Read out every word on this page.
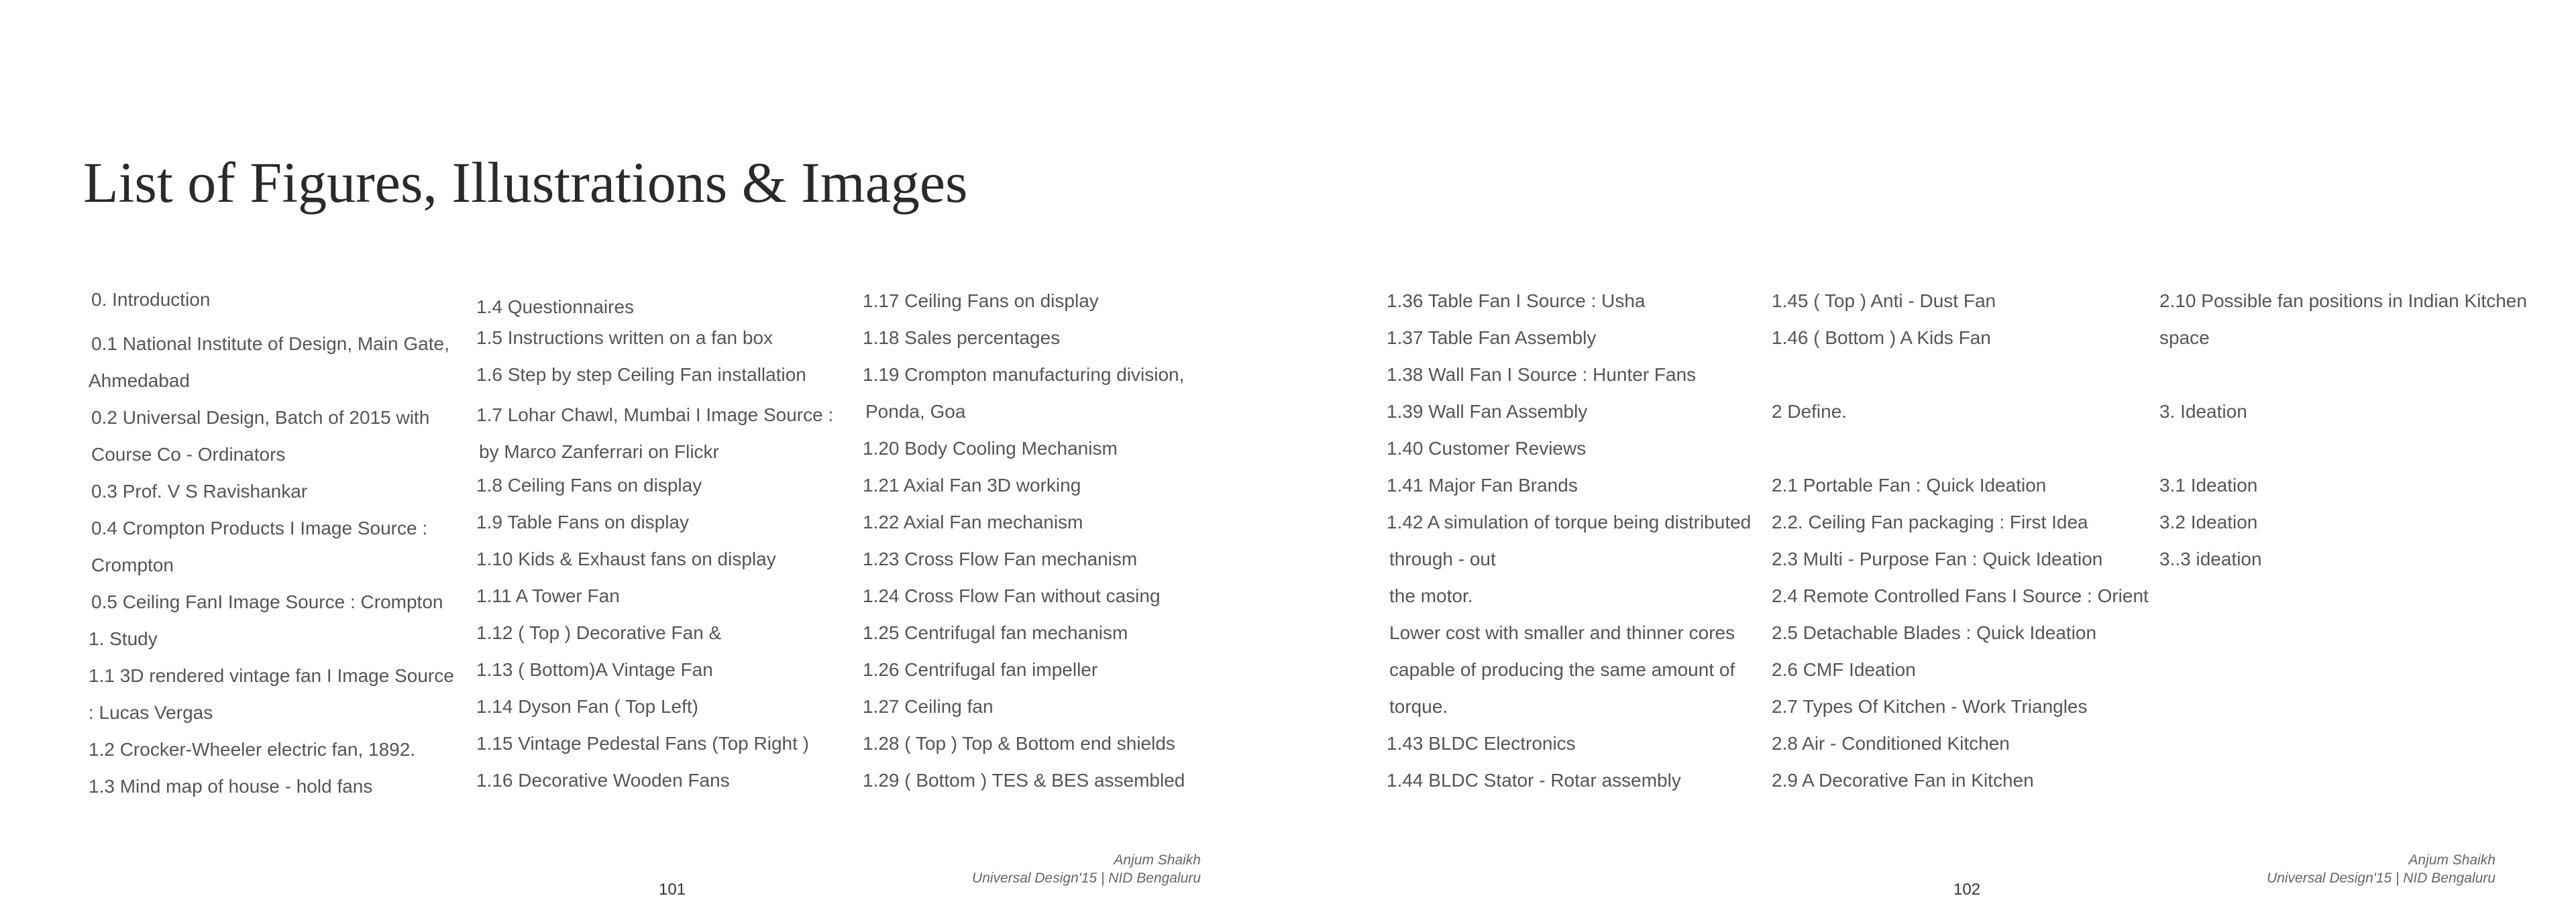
List of Figures, Illustrations & Images
0. Introduction
0.1 National Institute of Design, Main Gate,
Ahmedabad
0.2 Universal Design, Batch of 2015 with
Course Co - Ordinators
0.3 Prof. V S Ravishankar
0.4 Crompton Products I Image Source :
Crompton
0.5 Ceiling FanI Image Source : Crompton
1. Study
1.1 3D rendered vintage fan I Image Source
: Lucas Vergas
1.2 Crocker-Wheeler electric fan, 1892.
1.3 Mind map of house - hold fans
1.4 Questionnaires
1.5 Instructions written on a fan box
1.6 Step by step Ceiling Fan installation
1.7 Lohar Chawl, Mumbai I Image Source :
by Marco Zanferrari on Flickr
1.8 Ceiling Fans on display
1.9 Table Fans on display
1.10 Kids & Exhaust fans on display
1.11 A Tower Fan
1.12 ( Top ) Decorative Fan &
1.13 ( Bottom)A Vintage Fan
1.14 Dyson Fan ( Top Left)
1.15 Vintage Pedestal Fans (Top Right )
1.16 Decorative Wooden Fans
1.17 Ceiling Fans on display
1.18 Sales percentages
1.19 Crompton manufacturing division,
Ponda, Goa
1.20 Body Cooling Mechanism
1.21 Axial Fan 3D working
1.22 Axial Fan mechanism
1.23 Cross Flow Fan mechanism
1.24 Cross Flow Fan without casing
1.25 Centrifugal fan mechanism
1.26 Centrifugal fan impeller
1.27 Ceiling fan
1.28 ( Top ) Top & Bottom end shields
1.29 ( Bottom ) TES & BES assembled
1.36 Table Fan I Source : Usha
1.37 Table Fan Assembly
1.38 Wall Fan I Source : Hunter Fans
1.39 Wall Fan Assembly
1.40 Customer Reviews
1.41 Major Fan Brands
1.42 A simulation of torque being distributed
through - out
the motor.
Lower cost with smaller and thinner cores
capable of producing the same amount of
torque.
1.43 BLDC Electronics
1.44 BLDC Stator - Rotar assembly
1.45 ( Top ) Anti - Dust Fan
1.46 ( Bottom ) A Kids Fan
2 Define.
2.1 Portable Fan : Quick Ideation
2.2. Ceiling Fan packaging : First Idea
2.3 Multi - Purpose Fan : Quick Ideation
2.4 Remote Controlled Fans I Source : Orient
2.5 Detachable Blades : Quick Ideation
2.6 CMF Ideation
2.7 Types Of Kitchen - Work Triangles
2.8 Air - Conditioned Kitchen
2.9 A Decorative Fan in Kitchen
2.10 Possible fan positions in Indian Kitchen
space
3. Ideation
3.1 Ideation
3.2 Ideation
3..3 ideation
Anjum Shaikh
Universal Design'15 | NID Bengaluru
101
Anjum Shaikh
Universal Design'15 | NID Bengaluru
102
